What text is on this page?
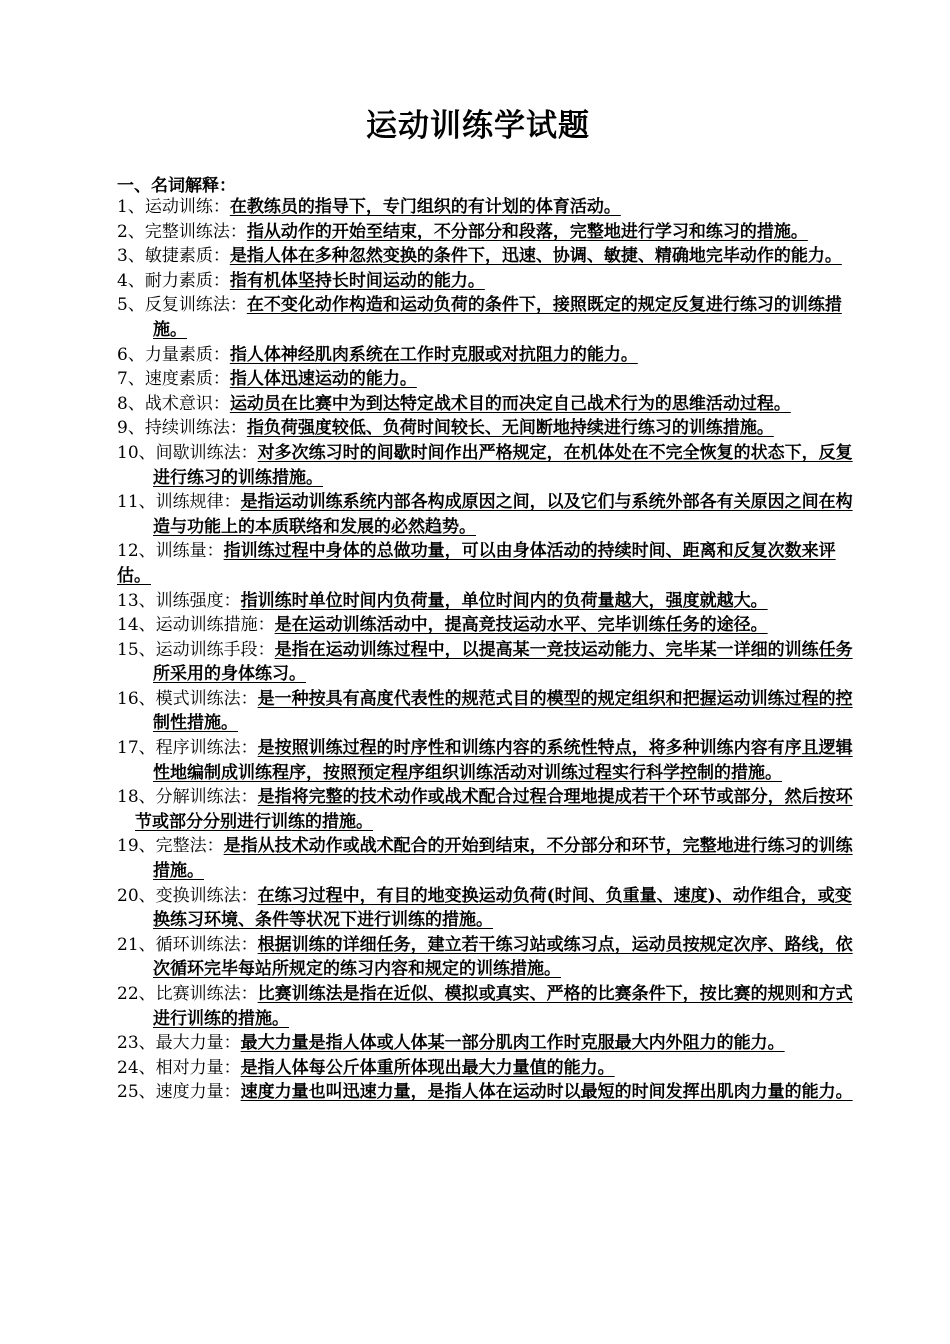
运动训练学试题
一、名词解释：
1、运动训练：在教练员的指导下，专门组织的有计划的体育活动。
2、完整训练法：指从动作的开始至结束，不分部分和段落，完整地进行学习和练习的措施。
3、敏捷素质：是指人体在多种忽然变换的条件下，迅速、协调、敏捷、精确地完毕动作的能力。
4、耐力素质：指有机体坚持长时间运动的能力。
5、反复训练法：在不变化动作构造和运动负荷的条件下，接照既定的规定反复进行练习的训练措施。
6、力量素质：指人体神经肌肉系统在工作时克服或对抗阻力的能力。
7、速度素质：指人体迅速运动的能力。
8、战术意识：运动员在比赛中为到达特定战术目的而决定自己战术行为的思维活动过程。
9、持续训练法：指负荷强度较低、负荷时间较长、无间断地持续进行练习的训练措施。
10、间歇训练法：对多次练习时的间歇时间作出严格规定，在机体处在不完全恢复的状态下，反复进行练习的训练措施。
11、训练规律：是指运动训练系统内部各构成原因之间，以及它们与系统外部各有关原因之间在构造与功能上的本质联络和发展的必然趋势。
12、训练量：指训练过程中身体的总做功量，可以由身体活动的持续时间、距离和反复次数来评估。
13、训练强度：指训练时单位时间内负荷量，单位时间内的负荷量越大，强度就越大。
14、运动训练措施：是在运动训练活动中，提高竞技运动水平、完毕训练任务的途径。
15、运动训练手段：是指在运动训练过程中，以提高某一竞技运动能力、完毕某一详细的训练任务所采用的身体练习。
16、模式训练法：是一种按具有高度代表性的规范式目的模型的规定组织和把握运动训练过程的控制性措施。
17、程序训练法：是按照训练过程的时序性和训练内容的系统性特点，将多种训练内容有序且逻辑性地编制成训练程序，按照预定程序组织训练活动对训练过程实行科学控制的措施。
18、分解训练法：是指将完整的技术动作或战术配合过程合理地提成若干个环节或部分，然后按环节或部分分别进行训练的措施。
19、完整法：是指从技术动作或战术配合的开始到结束，不分部分和环节，完整地进行练习的训练措施。
20、变换训练法：在练习过程中，有目的地变换运动负荷(时间、负重量、速度)、动作组合，或变换练习环境、条件等状况下进行训练的措施。
21、循环训练法：根据训练的详细任务，建立若干练习站或练习点，运动员按规定次序、路线，依次循环完毕每站所规定的练习内容和规定的训练措施。
22、比赛训练法：比赛训练法是指在近似、模拟或真实、严格的比赛条件下，按比赛的规则和方式进行训练的措施。
23、最大力量：最大力量是指人体或人体某一部分肌肉工作时克服最大内外阻力的能力。
24、相对力量：是指人体每公斤体重所体现出最大力量值的能力。
25、速度力量：速度力量也叫迅速力量，是指人体在运动时以最短的时间发挥出肌肉力量的能力。
